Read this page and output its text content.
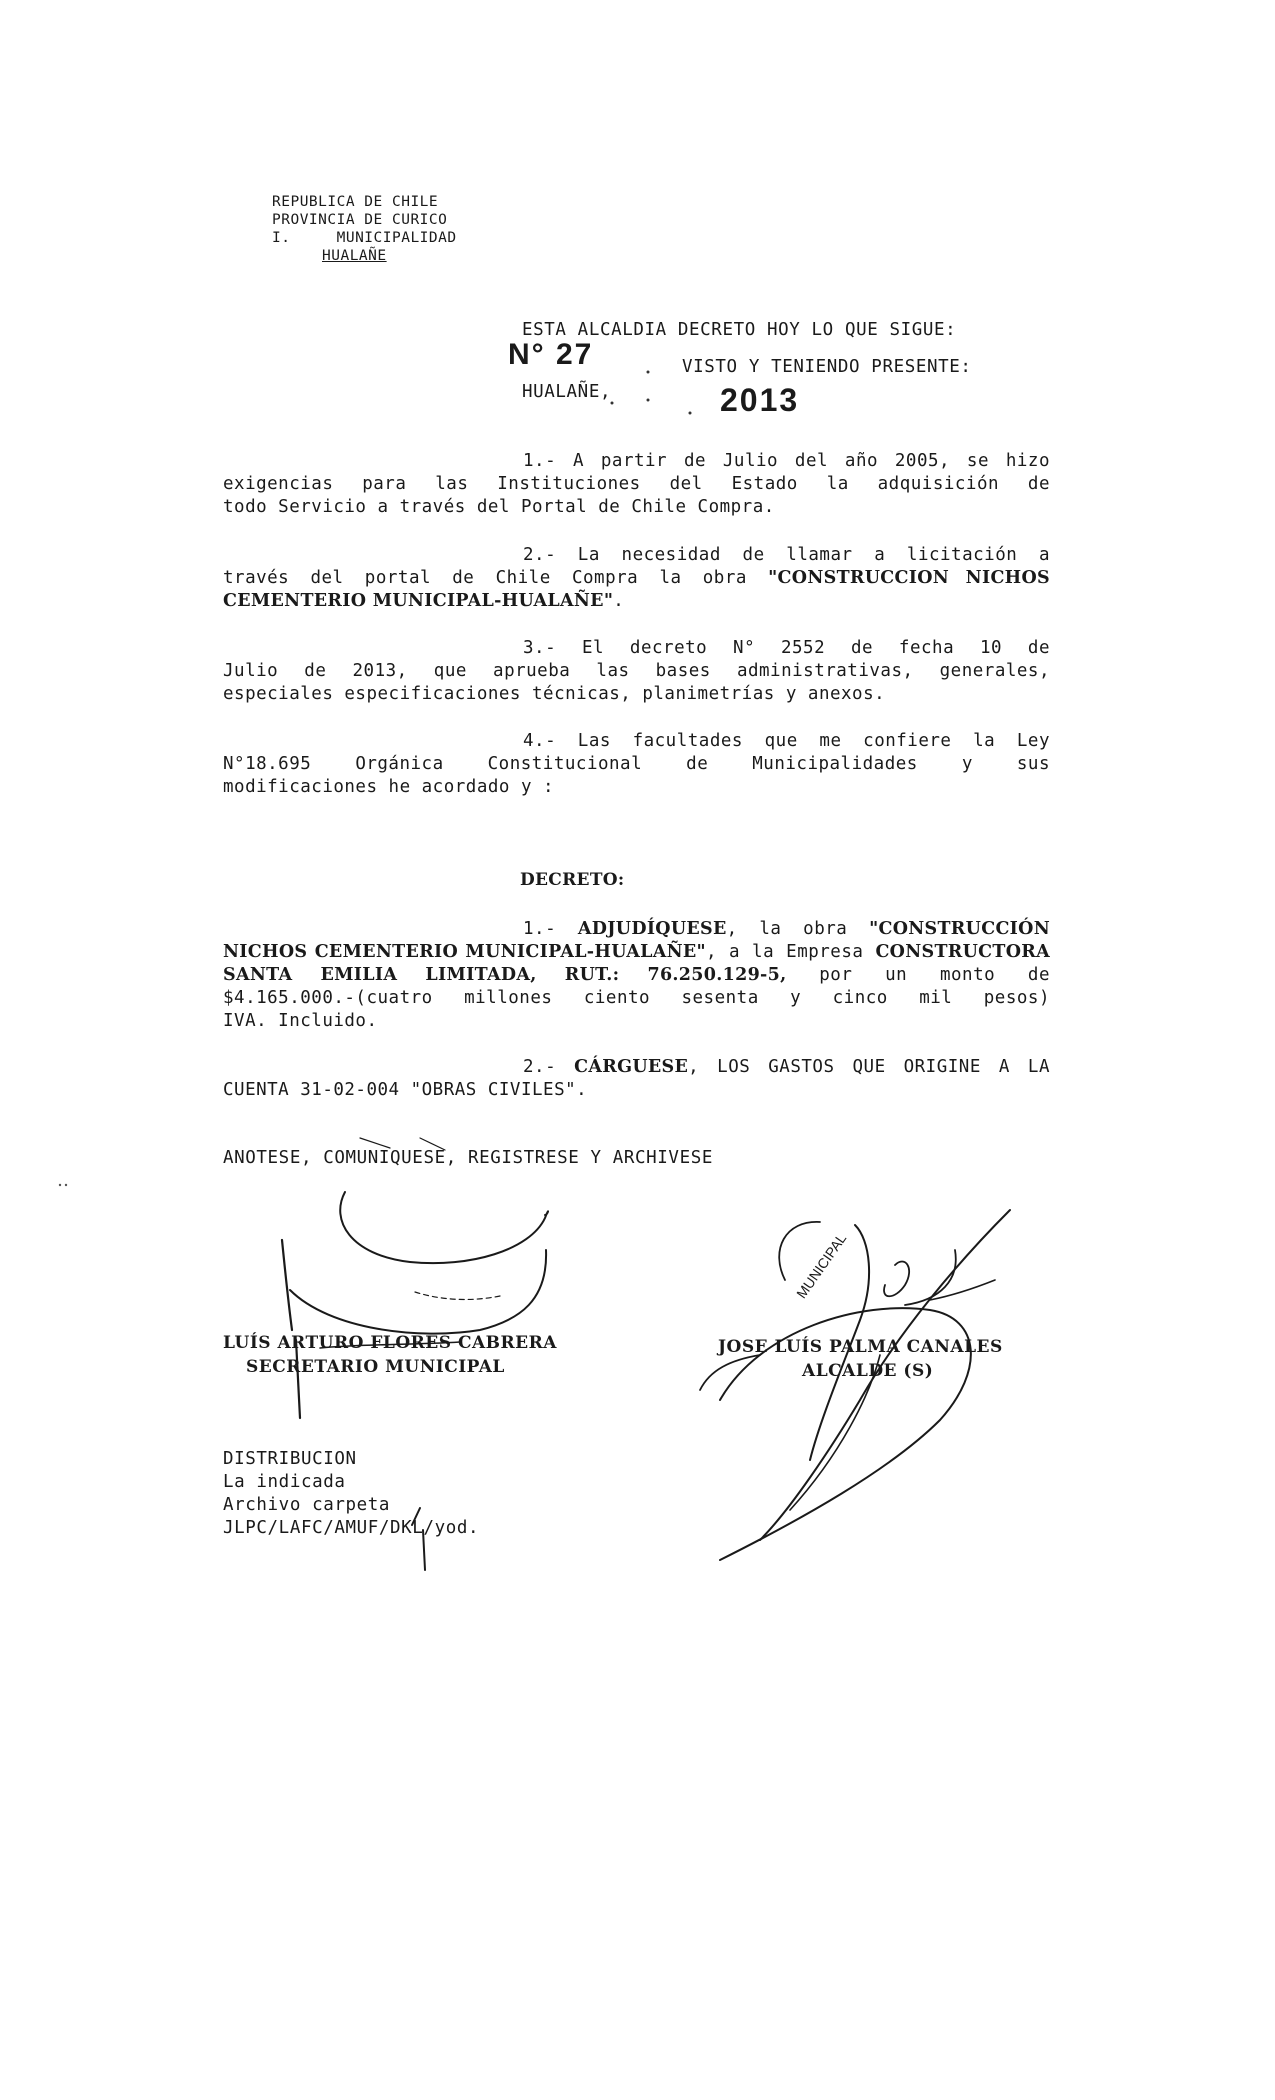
REPUBLICA DE CHILE
PROVINCIA DE CURICO
I.     MUNICIPALIDAD
HUALAÑE
ESTA ALCALDIA DECRETO HOY LO QUE SIGUE:
N° 27	VISTO Y TENIENDO PRESENTE:
HUALAÑE,	2013
1.- A partir de Julio del año 2005, se hizo
exigencias para las Instituciones del Estado la adquisición de
todo Servicio a través del Portal de Chile Compra.
2.- La necesidad de llamar a licitación a
través del portal de Chile Compra la obra "CONSTRUCCION NICHOS
CEMENTERIO MUNICIPAL-HUALAÑE".
3.- El decreto N° 2552 de fecha 10 de
Julio de 2013, que aprueba las bases administrativas, generales,
especiales especificaciones técnicas, planimetrías y anexos.
4.- Las facultades que me confiere la Ley
N°18.695 Orgánica Constitucional de Municipalidades y sus
modificaciones he acordado y :
DECRETO:
1.- ADJUDÍQUESE, la obra "CONSTRUCCIÓN
NICHOS CEMENTERIO MUNICIPAL-HUALAÑE", a la Empresa CONSTRUCTORA
SANTA EMILIA LIMITADA, RUT.: 76.250.129-5, por un monto de
$4.165.000.-(cuatro millones ciento sesenta y cinco mil pesos)
IVA. Incluido.
2.- CÁRGUESE, LOS GASTOS QUE ORIGINE A LA
CUENTA 31-02-004 "OBRAS CIVILES".
ANOTESE, COMUNIQUESE, REGISTRESE Y ARCHIVESE
LUÍS ARTURO FLORES CABRERA
SECRETARIO MUNICIPAL
JOSE LUÍS PALMA CANALES
ALCALDE (S)
DISTRIBUCION
La indicada
Archivo carpeta
JLPC/LAFC/AMUF/DKL/yod.
MUNICIPAL
